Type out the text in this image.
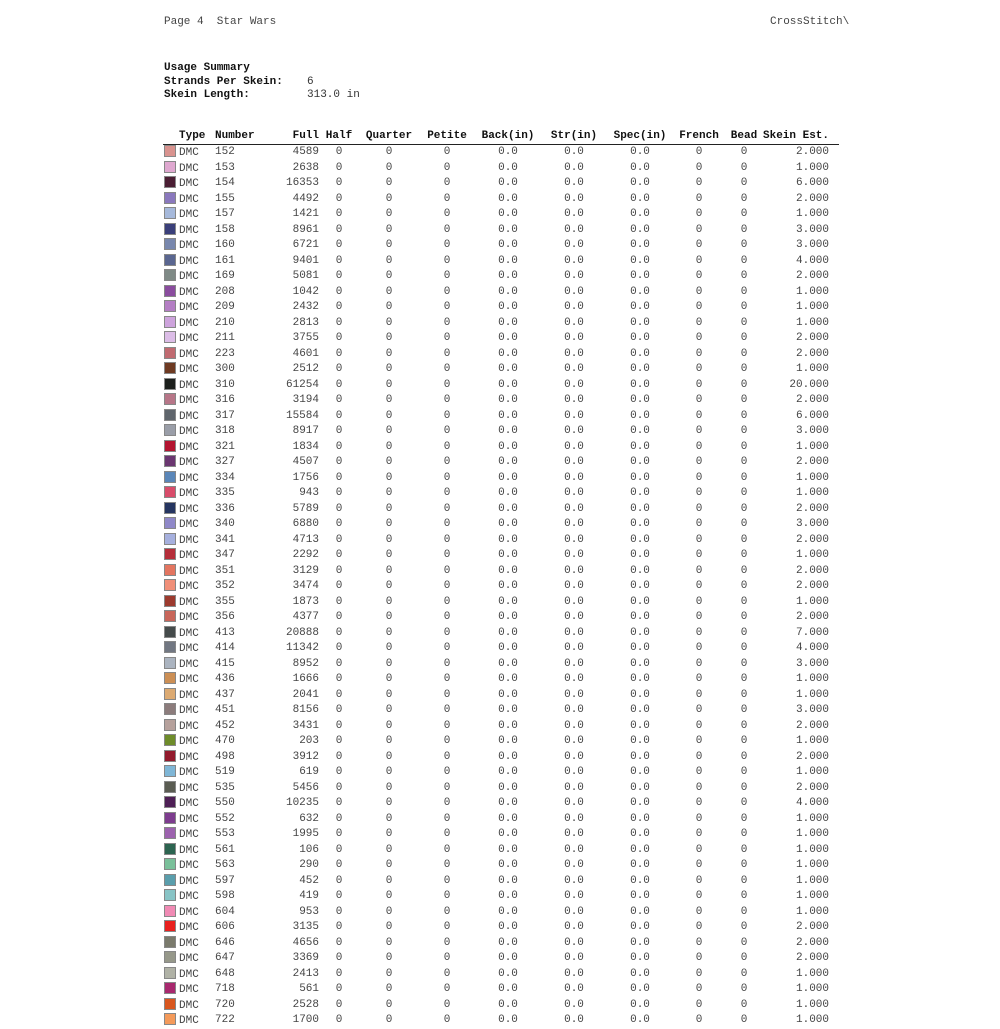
Page 4  Star Wars	CrossStitch\
Usage Summary
Strands Per Skein: 6
Skein Length:	313.0 in
Type	Number	Full	Half	Quarter	Petite	Back(in)	Str(in)	Spec(in)	French	Bead	Skein Est.
DMC	152	4589	0	0	0	0.0	0.0	0.0	0	0	2.000
DMC	153	2638	0	0	0	0.0	0.0	0.0	0	0	1.000
DMC	154	16353	0	0	0	0.0	0.0	0.0	0	0	6.000
DMC	155	4492	0	0	0	0.0	0.0	0.0	0	0	2.000
DMC	157	1421	0	0	0	0.0	0.0	0.0	0	0	1.000
DMC	158	8961	0	0	0	0.0	0.0	0.0	0	0	3.000
DMC	160	6721	0	0	0	0.0	0.0	0.0	0	0	3.000
DMC	161	9401	0	0	0	0.0	0.0	0.0	0	0	4.000
DMC	169	5081	0	0	0	0.0	0.0	0.0	0	0	2.000
DMC	208	1042	0	0	0	0.0	0.0	0.0	0	0	1.000
DMC	209	2432	0	0	0	0.0	0.0	0.0	0	0	1.000
DMC	210	2813	0	0	0	0.0	0.0	0.0	0	0	1.000
DMC	211	3755	0	0	0	0.0	0.0	0.0	0	0	2.000
DMC	223	4601	0	0	0	0.0	0.0	0.0	0	0	2.000
DMC	300	2512	0	0	0	0.0	0.0	0.0	0	0	1.000
DMC	310	61254	0	0	0	0.0	0.0	0.0	0	0	20.000
DMC	316	3194	0	0	0	0.0	0.0	0.0	0	0	2.000
DMC	317	15584	0	0	0	0.0	0.0	0.0	0	0	6.000
DMC	318	8917	0	0	0	0.0	0.0	0.0	0	0	3.000
DMC	321	1834	0	0	0	0.0	0.0	0.0	0	0	1.000
DMC	327	4507	0	0	0	0.0	0.0	0.0	0	0	2.000
DMC	334	1756	0	0	0	0.0	0.0	0.0	0	0	1.000
DMC	335	943	0	0	0	0.0	0.0	0.0	0	0	1.000
DMC	336	5789	0	0	0	0.0	0.0	0.0	0	0	2.000
DMC	340	6880	0	0	0	0.0	0.0	0.0	0	0	3.000
DMC	341	4713	0	0	0	0.0	0.0	0.0	0	0	2.000
DMC	347	2292	0	0	0	0.0	0.0	0.0	0	0	1.000
DMC	351	3129	0	0	0	0.0	0.0	0.0	0	0	2.000
DMC	352	3474	0	0	0	0.0	0.0	0.0	0	0	2.000
DMC	355	1873	0	0	0	0.0	0.0	0.0	0	0	1.000
DMC	356	4377	0	0	0	0.0	0.0	0.0	0	0	2.000
DMC	413	20888	0	0	0	0.0	0.0	0.0	0	0	7.000
DMC	414	11342	0	0	0	0.0	0.0	0.0	0	0	4.000
DMC	415	8952	0	0	0	0.0	0.0	0.0	0	0	3.000
DMC	436	1666	0	0	0	0.0	0.0	0.0	0	0	1.000
DMC	437	2041	0	0	0	0.0	0.0	0.0	0	0	1.000
DMC	451	8156	0	0	0	0.0	0.0	0.0	0	0	3.000
DMC	452	3431	0	0	0	0.0	0.0	0.0	0	0	2.000
DMC	470	203	0	0	0	0.0	0.0	0.0	0	0	1.000
DMC	498	3912	0	0	0	0.0	0.0	0.0	0	0	2.000
DMC	519	619	0	0	0	0.0	0.0	0.0	0	0	1.000
DMC	535	5456	0	0	0	0.0	0.0	0.0	0	0	2.000
DMC	550	10235	0	0	0	0.0	0.0	0.0	0	0	4.000
DMC	552	632	0	0	0	0.0	0.0	0.0	0	0	1.000
DMC	553	1995	0	0	0	0.0	0.0	0.0	0	0	1.000
DMC	561	106	0	0	0	0.0	0.0	0.0	0	0	1.000
DMC	563	290	0	0	0	0.0	0.0	0.0	0	0	1.000
DMC	597	452	0	0	0	0.0	0.0	0.0	0	0	1.000
DMC	598	419	0	0	0	0.0	0.0	0.0	0	0	1.000
DMC	604	953	0	0	0	0.0	0.0	0.0	0	0	1.000
DMC	606	3135	0	0	0	0.0	0.0	0.0	0	0	2.000
DMC	646	4656	0	0	0	0.0	0.0	0.0	0	0	2.000
DMC	647	3369	0	0	0	0.0	0.0	0.0	0	0	2.000
DMC	648	2413	0	0	0	0.0	0.0	0.0	0	0	1.000
DMC	718	561	0	0	0	0.0	0.0	0.0	0	0	1.000
DMC	720	2528	0	0	0	0.0	0.0	0.0	0	0	1.000
DMC	722	1700	0	0	0	0.0	0.0	0.0	0	0	1.000
